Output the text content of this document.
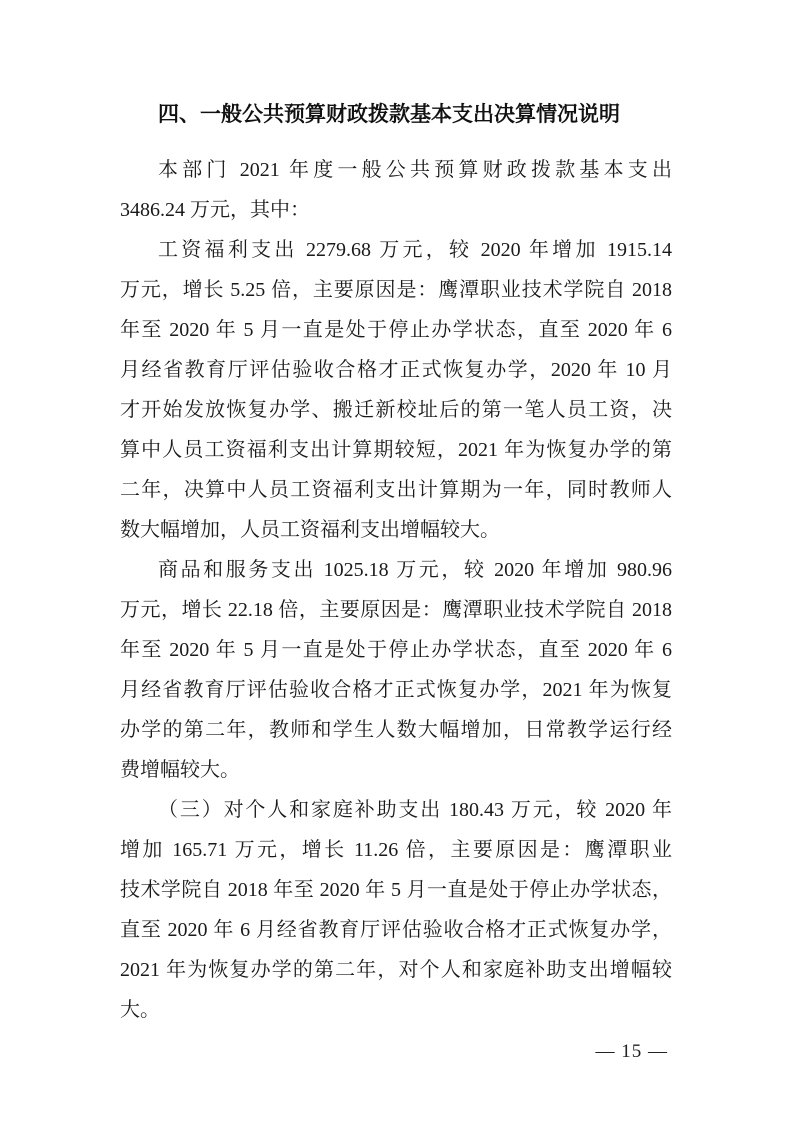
四、一般公共预算财政拨款基本支出决算情况说明
本部门 2021 年度一般公共预算财政拨款基本支出
3486.24 万元，其中：
工资福利支出 2279.68 万元，较 2020 年增加 1915.14
万元，增长 5.25 倍，主要原因是：鹰潭职业技术学院自 2018
年至 2020 年 5 月一直是处于停止办学状态，直至 2020 年 6
月经省教育厅评估验收合格才正式恢复办学，2020 年 10 月
才开始发放恢复办学、搬迁新校址后的第一笔人员工资，决
算中人员工资福利支出计算期较短，2021 年为恢复办学的第
二年，决算中人员工资福利支出计算期为一年，同时教师人
数大幅增加，人员工资福利支出增幅较大。
商品和服务支出 1025.18 万元，较 2020 年增加 980.96
万元，增长 22.18 倍，主要原因是：鹰潭职业技术学院自 2018
年至 2020 年 5 月一直是处于停止办学状态，直至 2020 年 6
月经省教育厅评估验收合格才正式恢复办学，2021 年为恢复
办学的第二年，教师和学生人数大幅增加，日常教学运行经
费增幅较大。
（三）对个人和家庭补助支出 180.43 万元，较 2020 年
增加 165.71 万元，增长 11.26 倍，主要原因是：鹰潭职业
技术学院自 2018 年至 2020 年 5 月一直是处于停止办学状态，
直至 2020 年 6 月经省教育厅评估验收合格才正式恢复办学，
2021 年为恢复办学的第二年，对个人和家庭补助支出增幅较
大。
— 15 —
